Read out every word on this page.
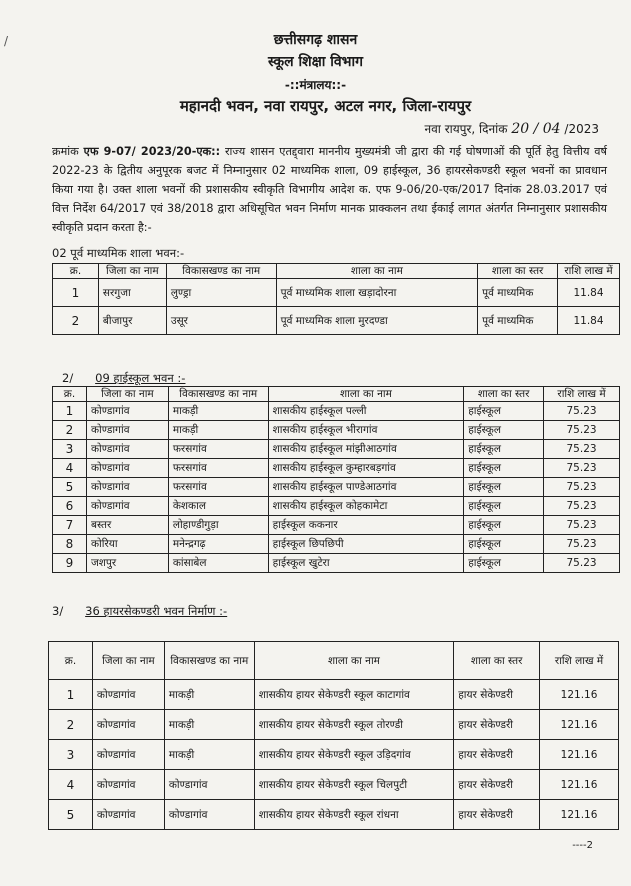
/	छत्तीसगढ़ शासन
स्कूल शिक्षा विभाग
-::मंत्रालय::-
महानदी भवन, नवा रायपुर, अटल नगर, जिला-रायपुर
नवा रायपुर, दिनांक 20 / 04 /2023
क्रमांक एफ 9-07/ 2023/20-एक:: राज्य शासन एतद्द्वारा माननीय मुख्यमंत्री जी द्वारा की गई घोषणाओं की पूर्ति हेतु वित्तीय वर्ष 2022-23 के द्वितीय अनुपूरक बजट में निम्नानुसार 02 माध्यमिक शाला, 09 हाईस्कूल, 36 हायरसेकण्डरी स्कूल भवनों का प्रावधान किया गया है। उक्त शाला भवनों की प्रशासकीय स्वीकृति विभागीय आदेश क. एफ 9-06/20-एक/2017 दिनांक 28.03.2017 एवं वित्त निर्देश 64/2017 एवं 38/2018 द्वारा अधिसूचित भवन निर्माण मानक प्राक्कलन तथा ईकाई लागत अंतर्गत निम्नानुसार प्रशासकीय स्वीकृति प्रदान करता है:-
02 पूर्व माध्यमिक शाला भवन:-
क्र.	जिला का नाम	विकासखण्ड का नाम	शाला का नाम	शाला का स्तर	राशि लाख में
1	सरगुजा	लुण्ड्रा	पूर्व माध्यमिक शाला खड़ादोरना	पूर्व माध्यमिक	11.84
2	बीजापुर	उसूर	पूर्व माध्यमिक शाला मुरदण्डा	पूर्व माध्यमिक	11.84
2/ 09 हाईस्कूल भवन :-
क्र.	जिला का नाम	विकासखण्ड का नाम	शाला का नाम	शाला का स्तर	राशि लाख में
1	कोण्डागांव	माकड़ी	शासकीय हाईस्कूल पल्ली	हाईस्कूल	75.23
2	कोण्डागांव	माकड़ी	शासकीय हाईस्कूल भीरागांव	हाईस्कूल	75.23
3	कोण्डागांव	फरसगांव	शासकीय हाईस्कूल मांझीआठगांव	हाईस्कूल	75.23
4	कोण्डागांव	फरसगांव	शासकीय हाईस्कूल कुम्हारबड़गांव	हाईस्कूल	75.23
5	कोण्डागांव	फरसगांव	शासकीय हाईस्कूल पाण्डेआठगांव	हाईस्कूल	75.23
6	कोण्डागांव	केशकाल	शासकीय हाईस्कूल कोहकामेटा	हाईस्कूल	75.23
7	बस्तर	लोहाण्डीगुड़ा	हाईस्कूल ककनार	हाईस्कूल	75.23
8	कोरिया	मनेन्द्रगढ़	हाईस्कूल छिपछिपी	हाईस्कूल	75.23
9	जशपुर	कांसाबेल	हाईस्कूल खुटेरा	हाईस्कूल	75.23
3/ 36 हायरसेकण्डरी भवन निर्माण :-
क्र.	जिला का नाम	विकासखण्ड का नाम	शाला का नाम	शाला का स्तर	राशि लाख में
1	कोण्डागांव	माकड़ी	शासकीय हायर सेकेण्डरी स्कूल काटागांव	हायर सेकेण्डरी	121.16
2	कोण्डागांव	माकड़ी	शासकीय हायर सेकेण्डरी स्कूल तोरण्डी	हायर सेकेण्डरी	121.16
3	कोण्डागांव	माकड़ी	शासकीय हायर सेकेण्डरी स्कूल उड़िदगांव	हायर सेकेण्डरी	121.16
4	कोण्डागांव	कोण्डागांव	शासकीय हायर सेकेण्डरी स्कूल चिलपुटी	हायर सेकेण्डरी	121.16
5	कोण्डागांव	कोण्डागांव	शासकीय हायर सेकेण्डरी स्कूल रांधना	हायर सेकेण्डरी	121.16
----2
